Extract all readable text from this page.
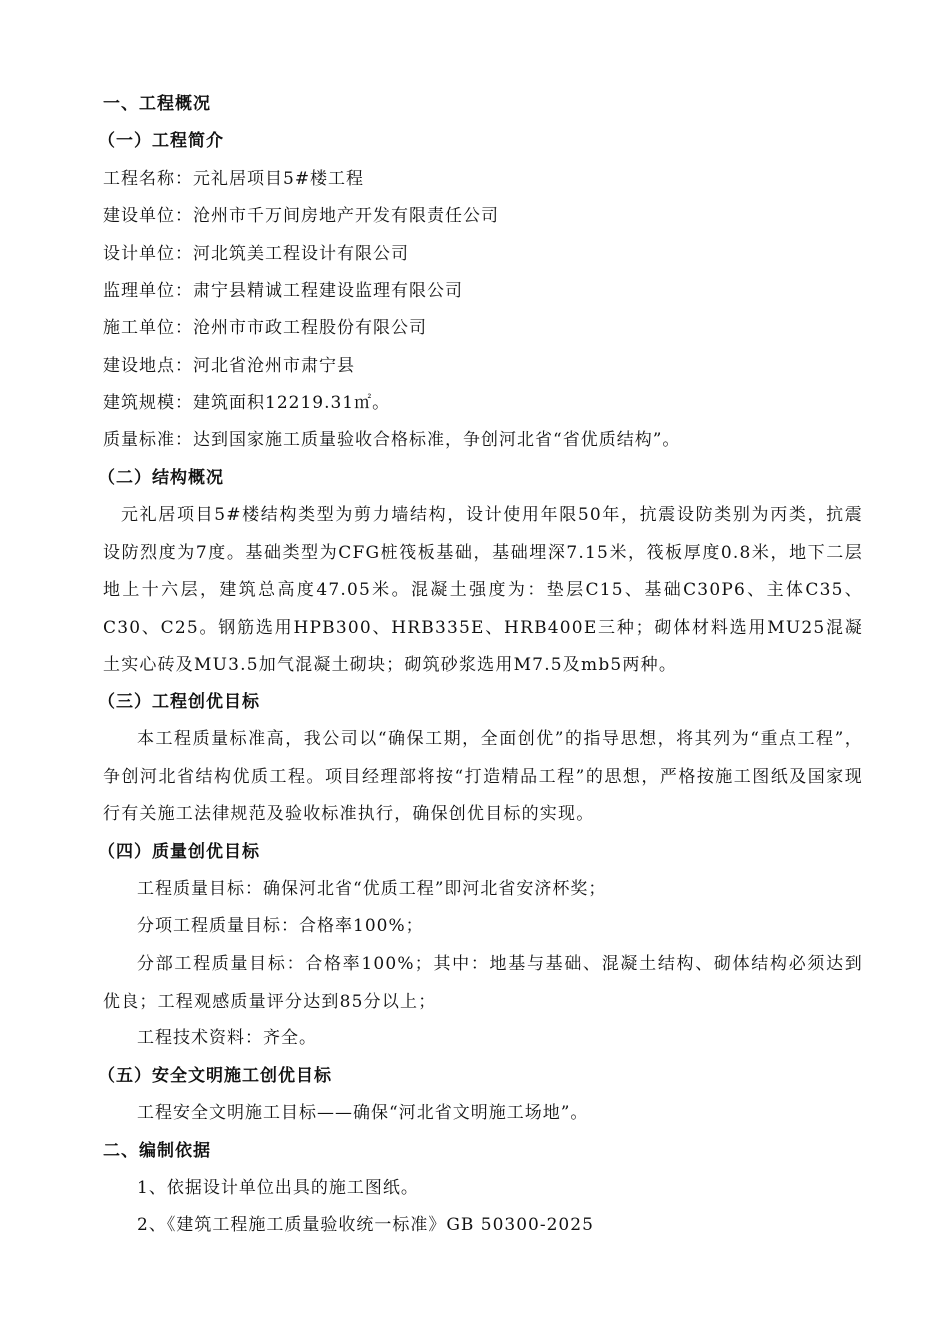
一、工程概况
（一）工程简介
工程名称：元礼居项目5#楼工程
建设单位：沧州市千万间房地产开发有限责任公司
设计单位：河北筑美工程设计有限公司
监理单位：肃宁县精诚工程建设监理有限公司
施工单位：沧州市市政工程股份有限公司
建设地点：河北省沧州市肃宁县
建筑规模：建筑面积12219.31㎡。
质量标准：达到国家施工质量验收合格标准，争创河北省“省优质结构”。
（二）结构概况
元礼居项目5#楼结构类型为剪力墙结构，设计使用年限50年，抗震设防类别为丙类，抗震设防烈度为7度。基础类型为CFG桩筏板基础，基础埋深7.15米，筏板厚度0.8米，地下二层地上十六层，建筑总高度47.05米。混凝土强度为：垫层C15、基础C30P6、主体C35、C30、C25。钢筋选用HPB300、HRB335E、HRB400E三种；砌体材料选用MU25混凝土实心砖及MU3.5加气混凝土砌块；砌筑砂浆选用M7.5及mb5两种。
（三）工程创优目标
本工程质量标准高，我公司以“确保工期，全面创优”的指导思想，将其列为“重点工程”，争创河北省结构优质工程。项目经理部将按“打造精品工程”的思想，严格按施工图纸及国家现行有关施工法律规范及验收标准执行，确保创优目标的实现。
（四）质量创优目标
工程质量目标：确保河北省“优质工程”即河北省安济杯奖；
分项工程质量目标：合格率100%；
分部工程质量目标：合格率100%；其中：地基与基础、混凝土结构、砌体结构必须达到优良；工程观感质量评分达到85分以上；
工程技术资料：齐全。
（五）安全文明施工创优目标
工程安全文明施工目标——确保“河北省文明施工场地”。
二、编制依据
1、依据设计单位出具的施工图纸。
2、《建筑工程施工质量验收统一标准》GB 50300-2025
